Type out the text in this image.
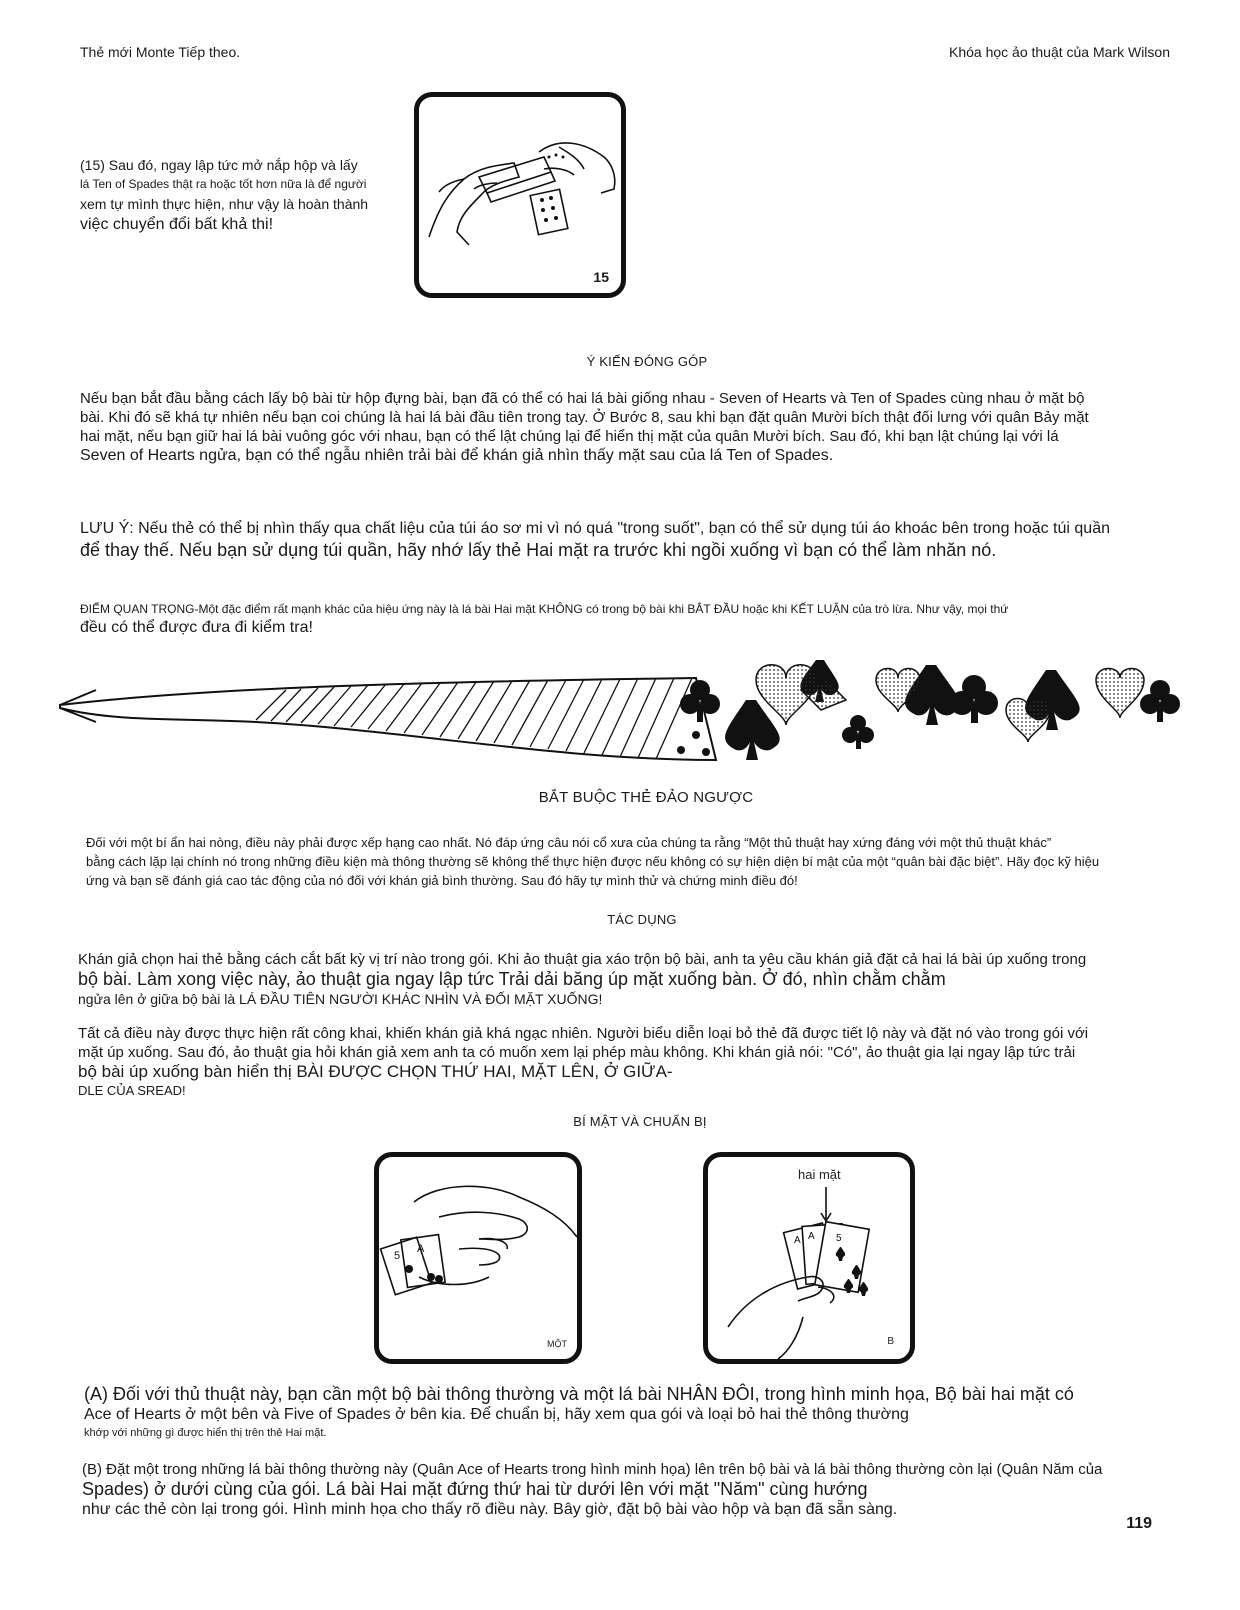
Thẻ mới Monte Tiếp theo.	Khóa học ảo thuật của Mark Wilson
(15) Sau đó, ngay lập tức mở nắp hộp và lấy
lá Ten of Spades thật ra hoặc tốt hơn nữa là để người
xem tự mình thực hiện, như vậy là hoàn thành
việc chuyển đổi bất khả thi!
15
Ý KIẾN ĐÓNG GÓP
Nếu bạn bắt đầu bằng cách lấy bộ bài từ hộp đựng bài, bạn đã có thể có hai lá bài giống nhau - Seven of Hearts và Ten of Spades cùng nhau ở mặt bộ
bài. Khi đó sẽ khá tự nhiên nếu bạn coi chúng là hai lá bài đầu tiên trong tay. Ở Bước 8, sau khi bạn đặt quân Mười bích thật đối lưng với quân Bảy mặt
hai mặt, nếu bạn giữ hai lá bài vuông góc với nhau, bạn có thể lật chúng lại để hiển thị mặt của quân Mười bích. Sau đó, khi bạn lật chúng lại với lá
Seven of Hearts ngửa, bạn có thể ngẫu nhiên trải bài để khán giả nhìn thấy mặt sau của lá Ten of Spades.
LƯU Ý: Nếu thẻ có thể bị nhìn thấy qua chất liệu của túi áo sơ mi vì nó quá "trong suốt", bạn có thể sử dụng túi áo khoác bên trong hoặc túi quần
để thay thế. Nếu bạn sử dụng túi quần, hãy nhớ lấy thẻ Hai mặt ra trước khi ngồi xuống vì bạn có thể làm nhăn nó.
ĐIỂM QUAN TRỌNG-Một đặc điểm rất mạnh khác của hiệu ứng này là lá bài Hai mặt KHÔNG có trong bộ bài khi BẮT ĐẦU hoặc khi KẾT LUẬN của trò lừa. Như vậy, mọi thứ
đều có thể được đưa đi kiểm tra!
BẮT BUỘC THẺ ĐẢO NGƯỢC
Đối với một bí ẩn hai nòng, điều này phải được xếp hạng cao nhất. Nó đáp ứng câu nói cổ xưa của chúng ta rằng “Một thủ thuật hay xứng đáng với một thủ thuật khác”
bằng cách lặp lại chính nó trong những điều kiện mà thông thường sẽ không thể thực hiện được nếu không có sự hiện diện bí mật của một “quân bài đặc biệt”. Hãy đọc kỹ hiệu
ứng và bạn sẽ đánh giá cao tác động của nó đối với khán giả bình thường. Sau đó hãy tự mình thử và chứng minh điều đó!
TÁC DỤNG
Khán giả chọn hai thẻ bằng cách cắt bất kỳ vị trí nào trong gói. Khi ảo thuật gia xáo trộn bộ bài, anh ta yêu cầu khán giả đặt cả hai lá bài úp xuống trong
bộ bài. Làm xong việc này, ảo thuật gia ngay lập tức Trải dải băng úp mặt xuống bàn. Ở đó, nhìn chằm chằm
ngửa lên ở giữa bộ bài là LÁ ĐẦU TIÊN NGƯỜI KHÁC NHÌN VÀ ĐỐI MẶT XUỐNG!
Tất cả điều này được thực hiện rất công khai, khiến khán giả khá ngạc nhiên. Người biểu diễn loại bỏ thẻ đã được tiết lộ này và đặt nó vào trong gói với
mặt úp xuống. Sau đó, ảo thuật gia hỏi khán giả xem anh ta có muốn xem lại phép màu không. Khi khán giả nói: "Có", ảo thuật gia lại ngay lập tức trải
bộ bài úp xuống bàn hiển thị BÀI ĐƯỢC CHỌN THỨ HAI, MẶT LÊN, Ở GIỮA-
DLE CỦA SREAD!
BÍ MẬT VÀ CHUẨN BỊ
5
A
MỘT
hai mặt
A A 5
B
(A) Đối với thủ thuật này, bạn cần một bộ bài thông thường và một lá bài NHÂN ĐÔI, trong hình minh họa, Bộ bài hai mặt có
Ace of Hearts ở một bên và Five of Spades ở bên kia. Để chuẩn bị, hãy xem qua gói và loại bỏ hai thẻ thông thường
khớp với những gì được hiển thị trên thẻ Hai mặt.
(B) Đặt một trong những lá bài thông thường này (Quân Ace of Hearts trong hình minh họa) lên trên bộ bài và lá bài thông thường còn lại (Quân Năm của
Spades) ở dưới cùng của gói. Lá bài Hai mặt đứng thứ hai từ dưới lên với mặt "Năm" cùng hướng
như các thẻ còn lại trong gói. Hình minh họa cho thấy rõ điều này. Bây giờ, đặt bộ bài vào hộp và bạn đã sẵn sàng.
119
